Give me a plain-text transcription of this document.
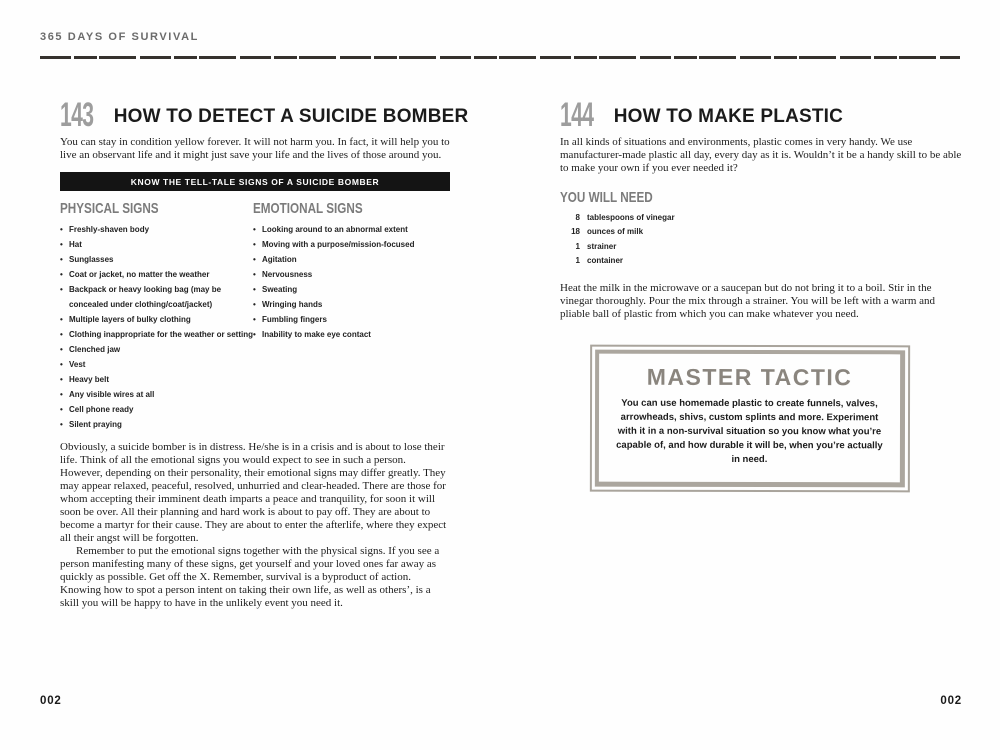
365 DAYS OF SURVIVAL
143	HOW TO DETECT A SUICIDE BOMBER
You can stay in condition yellow forever. It will not harm you. In fact, it will help you to live an observant life and it might just save your life and the lives of those around you.
KNOW THE TELL-TALE SIGNS OF A SUICIDE BOMBER
PHYSICAL SIGNS
• Freshly-shaven body
• Hat
• Sunglasses
• Coat or jacket, no matter the weather
• Backpack or heavy looking bag (may be concealed under clothing/coat/jacket)
• Multiple layers of bulky clothing
• Clothing inappropriate for the weather or setting
• Clenched jaw
• Vest
• Heavy belt
• Any visible wires at all
• Cell phone ready
• Silent praying
EMOTIONAL SIGNS
• Looking around to an abnormal extent
• Moving with a purpose/mission-focused
• Agitation
• Nervousness
• Sweating
• Wringing hands
• Fumbling fingers
• Inability to make eye contact

Obviously, a suicide bomber is in distress. He/she is in a crisis and is about to lose their life. Think of all the emotional signs you would expect to see in such a person. However, depending on their personality, their emotional signs may differ greatly. They may appear relaxed, peaceful, resolved, unhurried and clear-headed. There are those for whom accepting their imminent death imparts a peace and tranquility, for soon it will soon be over. All their planning and hard work is about to pay off. They are about to become a martyr for their cause. They are about to enter the afterlife, where they expect all their angst will be forgotten.

Remember to put the emotional signs together with the physical signs. If you see a person manifesting many of these signs, get yourself and your loved ones far away as quickly as possible. Get off the X. Remember, survival is a byproduct of action. Knowing how to spot a person intent on taking their own life, as well as others’, is a skill you will be happy to have in the unlikely event you need it.

144	HOW TO MAKE PLASTIC
In all kinds of situations and environments, plastic comes in very handy. We use manufacturer-made plastic all day, every day as it is. Wouldn’t it be a handy skill to be able to make your own if you ever needed it?
YOU WILL NEED
8 tablespoons of vinegar
18 ounces of milk
1 strainer
1 container
Heat the milk in the microwave or a saucepan but do not bring it to a boil. Stir in the vinegar thoroughly. Pour the mix through a strainer. You will be left with a warm and pliable ball of plastic from which you can make whatever you need.
MASTER TACTIC
You can use homemade plastic to create funnels, valves, arrowheads, shivs, custom splints and more. Experiment with it in a non-survival situation so you know what you’re capable of, and how durable it will be, when you’re actually in need.
002	002
